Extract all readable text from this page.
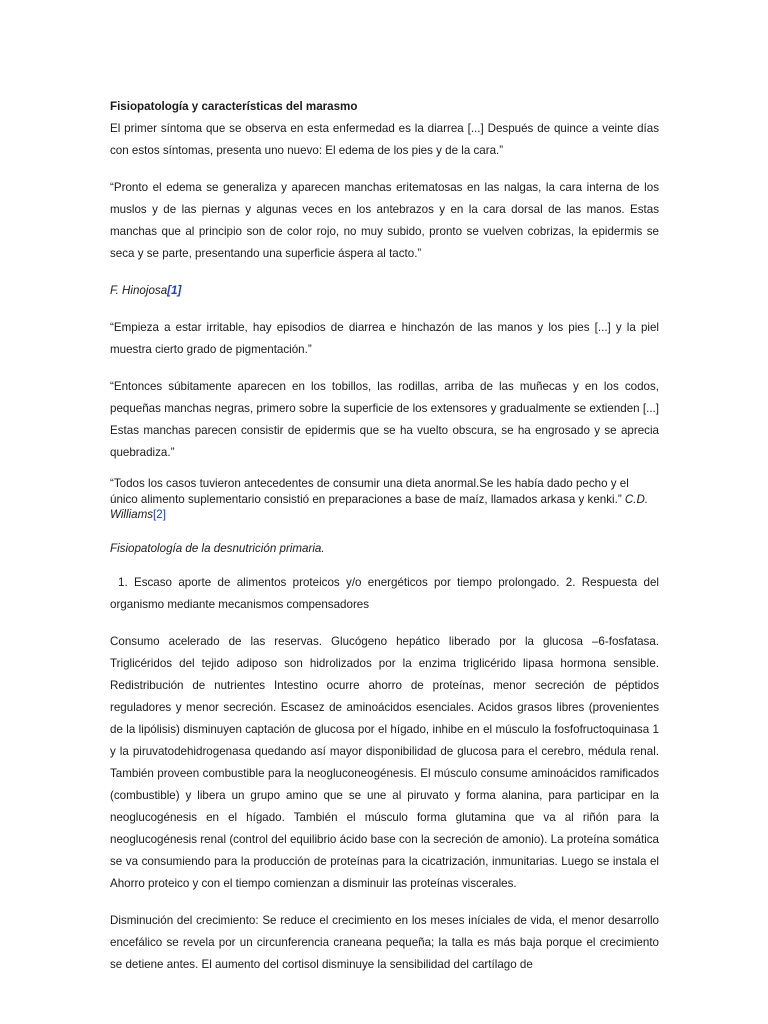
Fisiopatología y características del marasmo

El primer síntoma que se observa en esta enfermedad es la diarrea [...] Después de quince a veinte días con estos síntomas, presenta uno nuevo: El edema de los pies y de la cara.”

“Pronto el edema se generaliza y aparecen manchas eritematosas en las nalgas, la cara interna de los muslos y de las piernas y algunas veces en los antebrazos y en la cara dorsal de las manos. Estas manchas que al principio son de color rojo, no muy subido, pronto se vuelven cobrizas, la epidermis se seca y se parte, presentando una superficie áspera al tacto.”

F. Hinojosa[1]

“Empieza a estar irritable, hay episodios de diarrea e hinchazón de las manos y los pies [...] y la piel muestra cierto grado de pigmentación.”

“Entonces súbitamente aparecen en los tobillos, las rodillas, arriba de las muñecas y en los codos, pequeñas manchas negras, primero sobre la superficie de los extensores y gradualmente se extienden [...] Estas manchas parecen consistir de epidermis que se ha vuelto obscura, se ha engrosado y se aprecia quebradiza.”

“Todos los casos tuvieron antecedentes de consumir una dieta anormal.Se les había dado pecho y el único alimento suplementario consistió en preparaciones a base de maíz, llamados arkasa y kenki.” C.D. Williams[2]

Fisiopatología de la desnutrición primaria.

1. Escaso aporte de alimentos proteicos y/o energéticos por tiempo prolongado. 2. Respuesta del organismo mediante mecanismos compensadores

Consumo acelerado de las reservas. Glucógeno hepático liberado por la glucosa –6-fosfatasa. Triglicéridos del tejido adiposo son hidrolizados por la enzima triglicérido lipasa hormona sensible. Redistribución de nutrientes Intestino ocurre ahorro de proteínas, menor secreción de péptidos reguladores y menor secreción. Escasez de aminoácidos esenciales. Acidos grasos libres (provenientes de la lipólisis) disminuyen captación de glucosa por el hígado, inhibe en el músculo la fosfofructoquinasa 1 y la piruvatodehidrogenasa quedando así mayor disponibilidad de glucosa para el cerebro, médula renal. También proveen combustible para la neogluconeogénesis. El músculo consume aminoácidos ramificados (combustible) y libera un grupo amino que se une al piruvato y forma alanina, para participar en la neoglucogénesis en el hígado. También el músculo forma glutamina que va al riñón para la neoglucogénesis renal (control del equilibrio ácido base con la secreción de amonio). La proteína somática se va consumiendo para la producción de proteínas para la cicatrización, inmunitarias. Luego se instala el Ahorro proteico y con el tiempo comienzan a disminuir las proteínas viscerales.

Disminución del crecimiento: Se reduce el crecimiento en los meses iníciales de vida, el menor desarrollo encefálico se revela por un circunferencia craneana pequeña; la talla es más baja porque el crecimiento se detiene antes. El aumento del cortisol disminuye la sensibilidad del cartílago de
